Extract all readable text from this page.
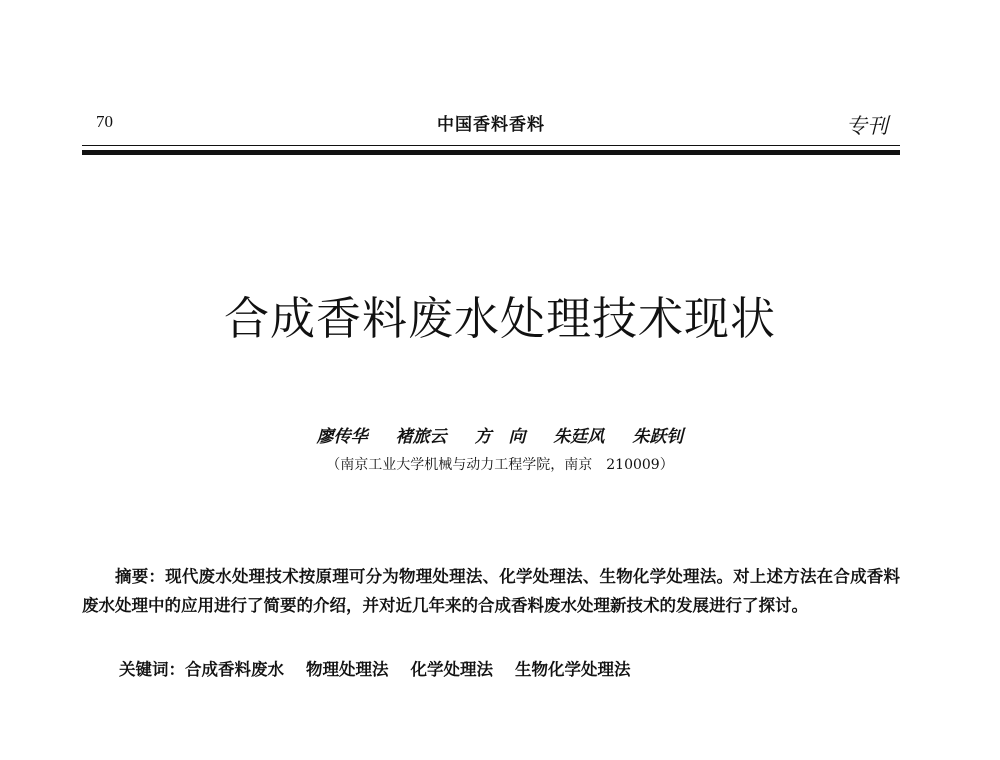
70	中国香料香料	专刊
合成香料废水处理技术现状
廖传华 褚旅云 方　向 朱廷风 朱跃钊
（南京工业大学机械与动力工程学院，南京　210009）

摘要：现代废水处理技术按原理可分为物理处理法、化学处理法、生物化学处理法。对上述方法在合成香料废水处理中的应用进行了简要的介绍，并对近几年来的合成香料废水处理新技术的发展进行了探讨。

关键词：合成香料废水 物理处理法 化学处理法 生物化学处理法
